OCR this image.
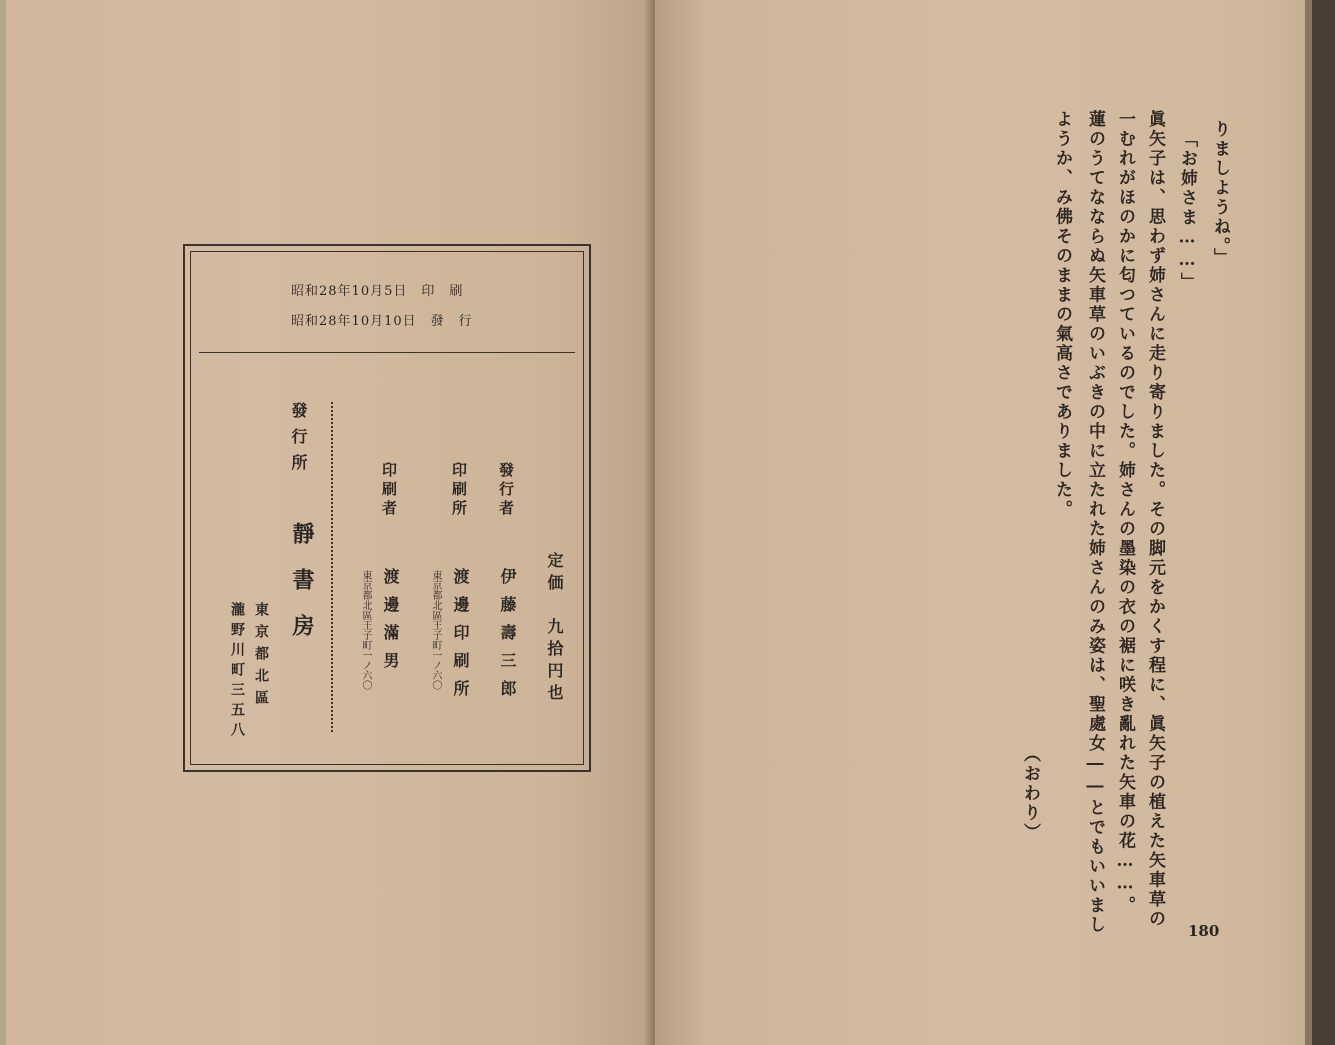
昭和28年10月5日　印　刷
昭和28年10月10日　發　行
定価　九拾円也
發行者
伊藤壽三郎
印刷所
渡邊印刷所
東京都北區王子町一ノ六〇
印刷者
渡邊滿男
東京都北區王子町一ノ六〇
發行所
靜書房
東京都北區
瀧野川町三五八
りましようね。」
「お姉さま……」
眞矢子は、思わず姉さんに走り寄りました。その脚元をかくす程に、眞矢子の植えた矢車草の
一むれがほのかに匂つているのでした。姉さんの墨染の衣の裾に咲き亂れた矢車の花……。
蓮のうてなならぬ矢車草のいぶきの中に立たれた姉さんのみ姿は、聖處女――とでもいいまし
ようか、み佛そのままの氣高さでありました。
（おわり）
180
